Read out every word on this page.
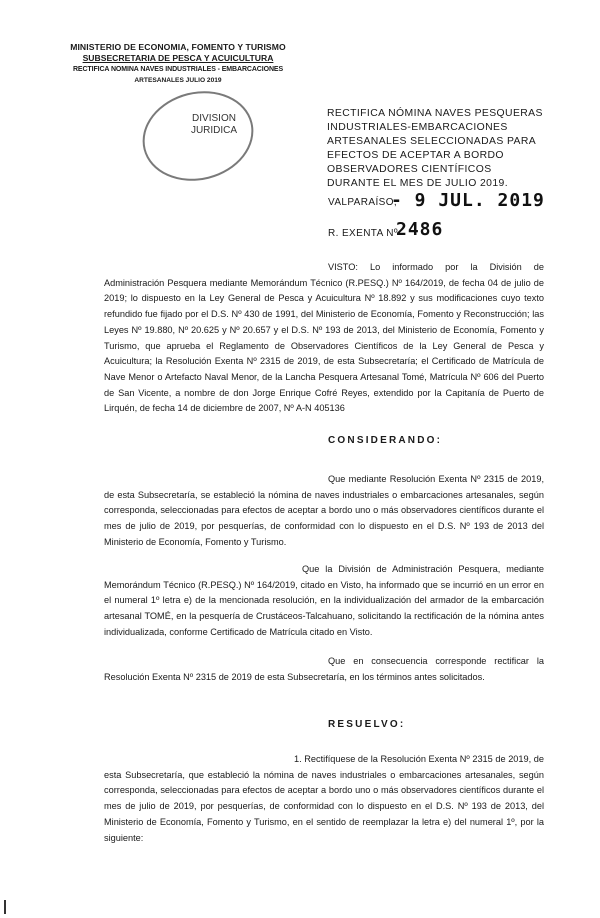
MINISTERIO DE ECONOMIA, FOMENTO Y TURISMO
SUBSECRETARIA DE PESCA Y ACUICULTURA
RECTIFICA NOMINA NAVES INDUSTRIALES - EMBARCACIONES
ARTESANALES JULIO 2019
DIVISION
JURIDICA
RECTIFICA NÓMINA NAVES PESQUERAS INDUSTRIALES-EMBARCACIONES ARTESANALES SELECCIONADAS PARA EFECTOS DE ACEPTAR A BORDO OBSERVADORES CIENTÍFICOS DURANTE EL MES DE JULIO 2019.
VALPARAÍSO,
- 9 JUL. 2019
R. EXENTA Nº
2486
VISTO: Lo informado por la División de Administración Pesquera mediante Memorándum Técnico (R.PESQ.) Nº 164/2019, de fecha 04 de julio de 2019; lo dispuesto en la Ley General de Pesca y Acuicultura Nº 18.892 y sus modificaciones cuyo texto refundido fue fijado por el D.S. Nº 430 de 1991, del Ministerio de Economía, Fomento y Reconstrucción; las Leyes Nº 19.880, Nº 20.625 y Nº 20.657 y el D.S. Nº 193 de 2013, del Ministerio de Economía, Fomento y Turismo, que aprueba el Reglamento de Observadores Científicos de la Ley General de Pesca y Acuicultura; la Resolución Exenta Nº 2315 de 2019, de esta Subsecretaría; el Certificado de Matrícula de Nave Menor o Artefacto Naval Menor, de la Lancha Pesquera Artesanal Tomé, Matrícula Nº 606 del Puerto de San Vicente, a nombre de don Jorge Enrique Cofré Reyes, extendido por la Capitanía de Puerto de Lirquén, de fecha 14 de diciembre de 2007, Nº A-N 405136
CONSIDERANDO:
Que mediante Resolución Exenta Nº 2315 de 2019, de esta Subsecretaría, se estableció la nómina de naves industriales o embarcaciones artesanales, según corresponda, seleccionadas para efectos de aceptar a bordo uno o más observadores científicos durante el mes de julio de 2019, por pesquerías, de conformidad con lo dispuesto en el D.S. Nº 193 de 2013 del Ministerio de Economía, Fomento y Turismo.
Que la División de Administración Pesquera, mediante Memorándum Técnico (R.PESQ.) Nº 164/2019, citado en Visto, ha informado que se incurrió en un error en el numeral 1º letra e) de la mencionada resolución, en la individualización del armador de la embarcación artesanal TOMÉ, en la pesquería de Crustáceos-Talcahuano, solicitando la rectificación de la nómina antes individualizada, conforme Certificado de Matrícula citado en Visto.
Que en consecuencia corresponde rectificar la Resolución Exenta Nº 2315 de 2019 de esta Subsecretaría, en los términos antes solicitados.
RESUELVO:
1. Rectifíquese de la Resolución Exenta Nº 2315 de 2019, de esta Subsecretaría, que estableció la nómina de naves industriales o embarcaciones artesanales, según corresponda, seleccionadas para efectos de aceptar a bordo uno o más observadores científicos durante el mes de julio de 2019, por pesquerías, de conformidad con lo dispuesto en el D.S. Nº 193 de 2013, del Ministerio de Economía, Fomento y Turismo, en el sentido de reemplazar la letra e) del numeral 1º, por la siguiente:
